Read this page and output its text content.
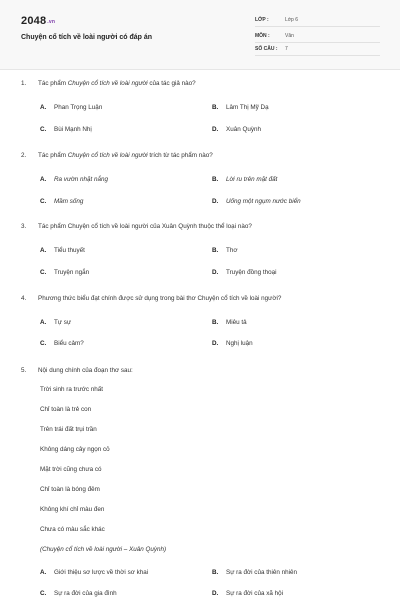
2048.vn
Chuyện cổ tích về loài người có đáp án
LỚP :	Lớp 6
MÔN :	Văn
SỐ CÂU : 7
1. Tác phẩm Chuyện cổ tích về loài người của tác giả nào?
A. Phan Trọng Luận	B. Lâm Thị Mỹ Dạ
C. Bùi Mạnh Nhị	D. Xuân Quỳnh
2. Tác phẩm Chuyện cổ tích về loài người trích từ tác phẩm nào?
A. Ra vườn nhặt nắng	B. Lời ru trên mặt đất
C. Mầm sống	D. Uống một ngụm nước biển
3. Tác phẩm Chuyện cổ tích về loài người của Xuân Quỳnh thuộc thể loại nào?
A. Tiểu thuyết	B. Thơ
C. Truyện ngắn	D. Truyện đồng thoại
4. Phương thức biểu đạt chính được sử dụng trong bài thơ Chuyện cổ tích về loài người?
A. Tự sự	B. Miêu tả
C. Biểu cảm?	D. Nghị luận
5. Nội dung chính của đoạn thơ sau:
Trời sinh ra trước nhất
Chỉ toàn là trẻ con
Trên trái đất trụi trần
Không dáng cây ngọn cỏ
Mặt trời cũng chưa có
Chỉ toàn là bóng đêm
Không khí chỉ màu đen
Chưa có màu sắc khác
(Chuyện cổ tích về loài người – Xuân Quỳnh)
A. Giới thiệu sơ lược về thời sơ khai	B. Sự ra đời của thiên nhiên
C. Sự ra đời của gia đình	D. Sự ra đời của xã hội
